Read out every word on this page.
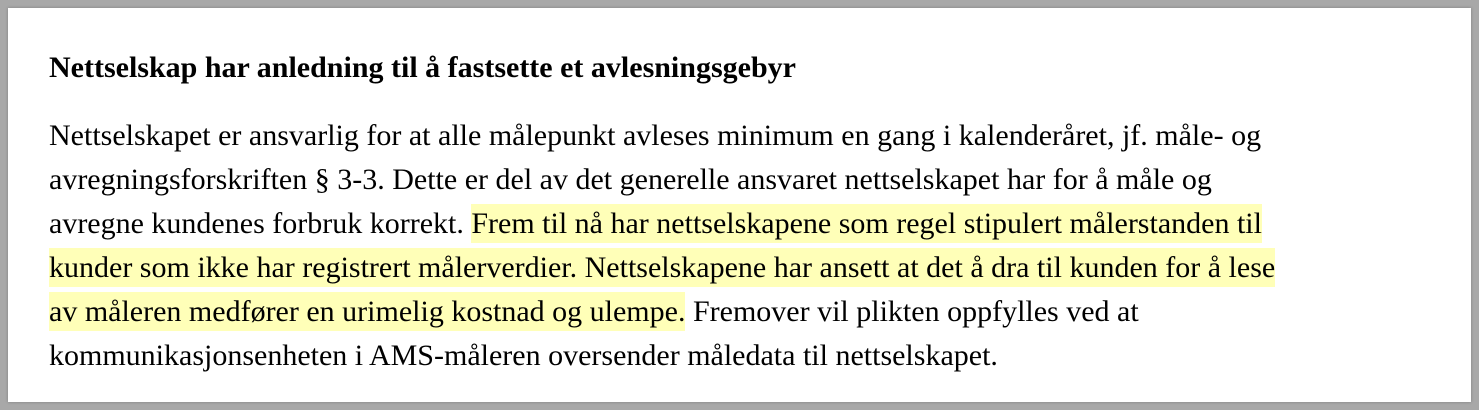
Nettselskap har anledning til å fastsette et avlesningsgebyr
Nettselskapet er ansvarlig for at alle målepunkt avleses minimum en gang i kalenderåret, jf. måle- og
avregningsforskriften § 3-3. Dette er del av det generelle ansvaret nettselskapet har for å måle og
avregne kundenes forbruk korrekt. Frem til nå har nettselskapene som regel stipulert målerstanden til
kunder som ikke har registrert målerverdier. Nettselskapene har ansett at det å dra til kunden for å lese
av måleren medfører en urimelig kostnad og ulempe. Fremover vil plikten oppfylles ved at
kommunikasjonsenheten i AMS-måleren oversender måledata til nettselskapet.
